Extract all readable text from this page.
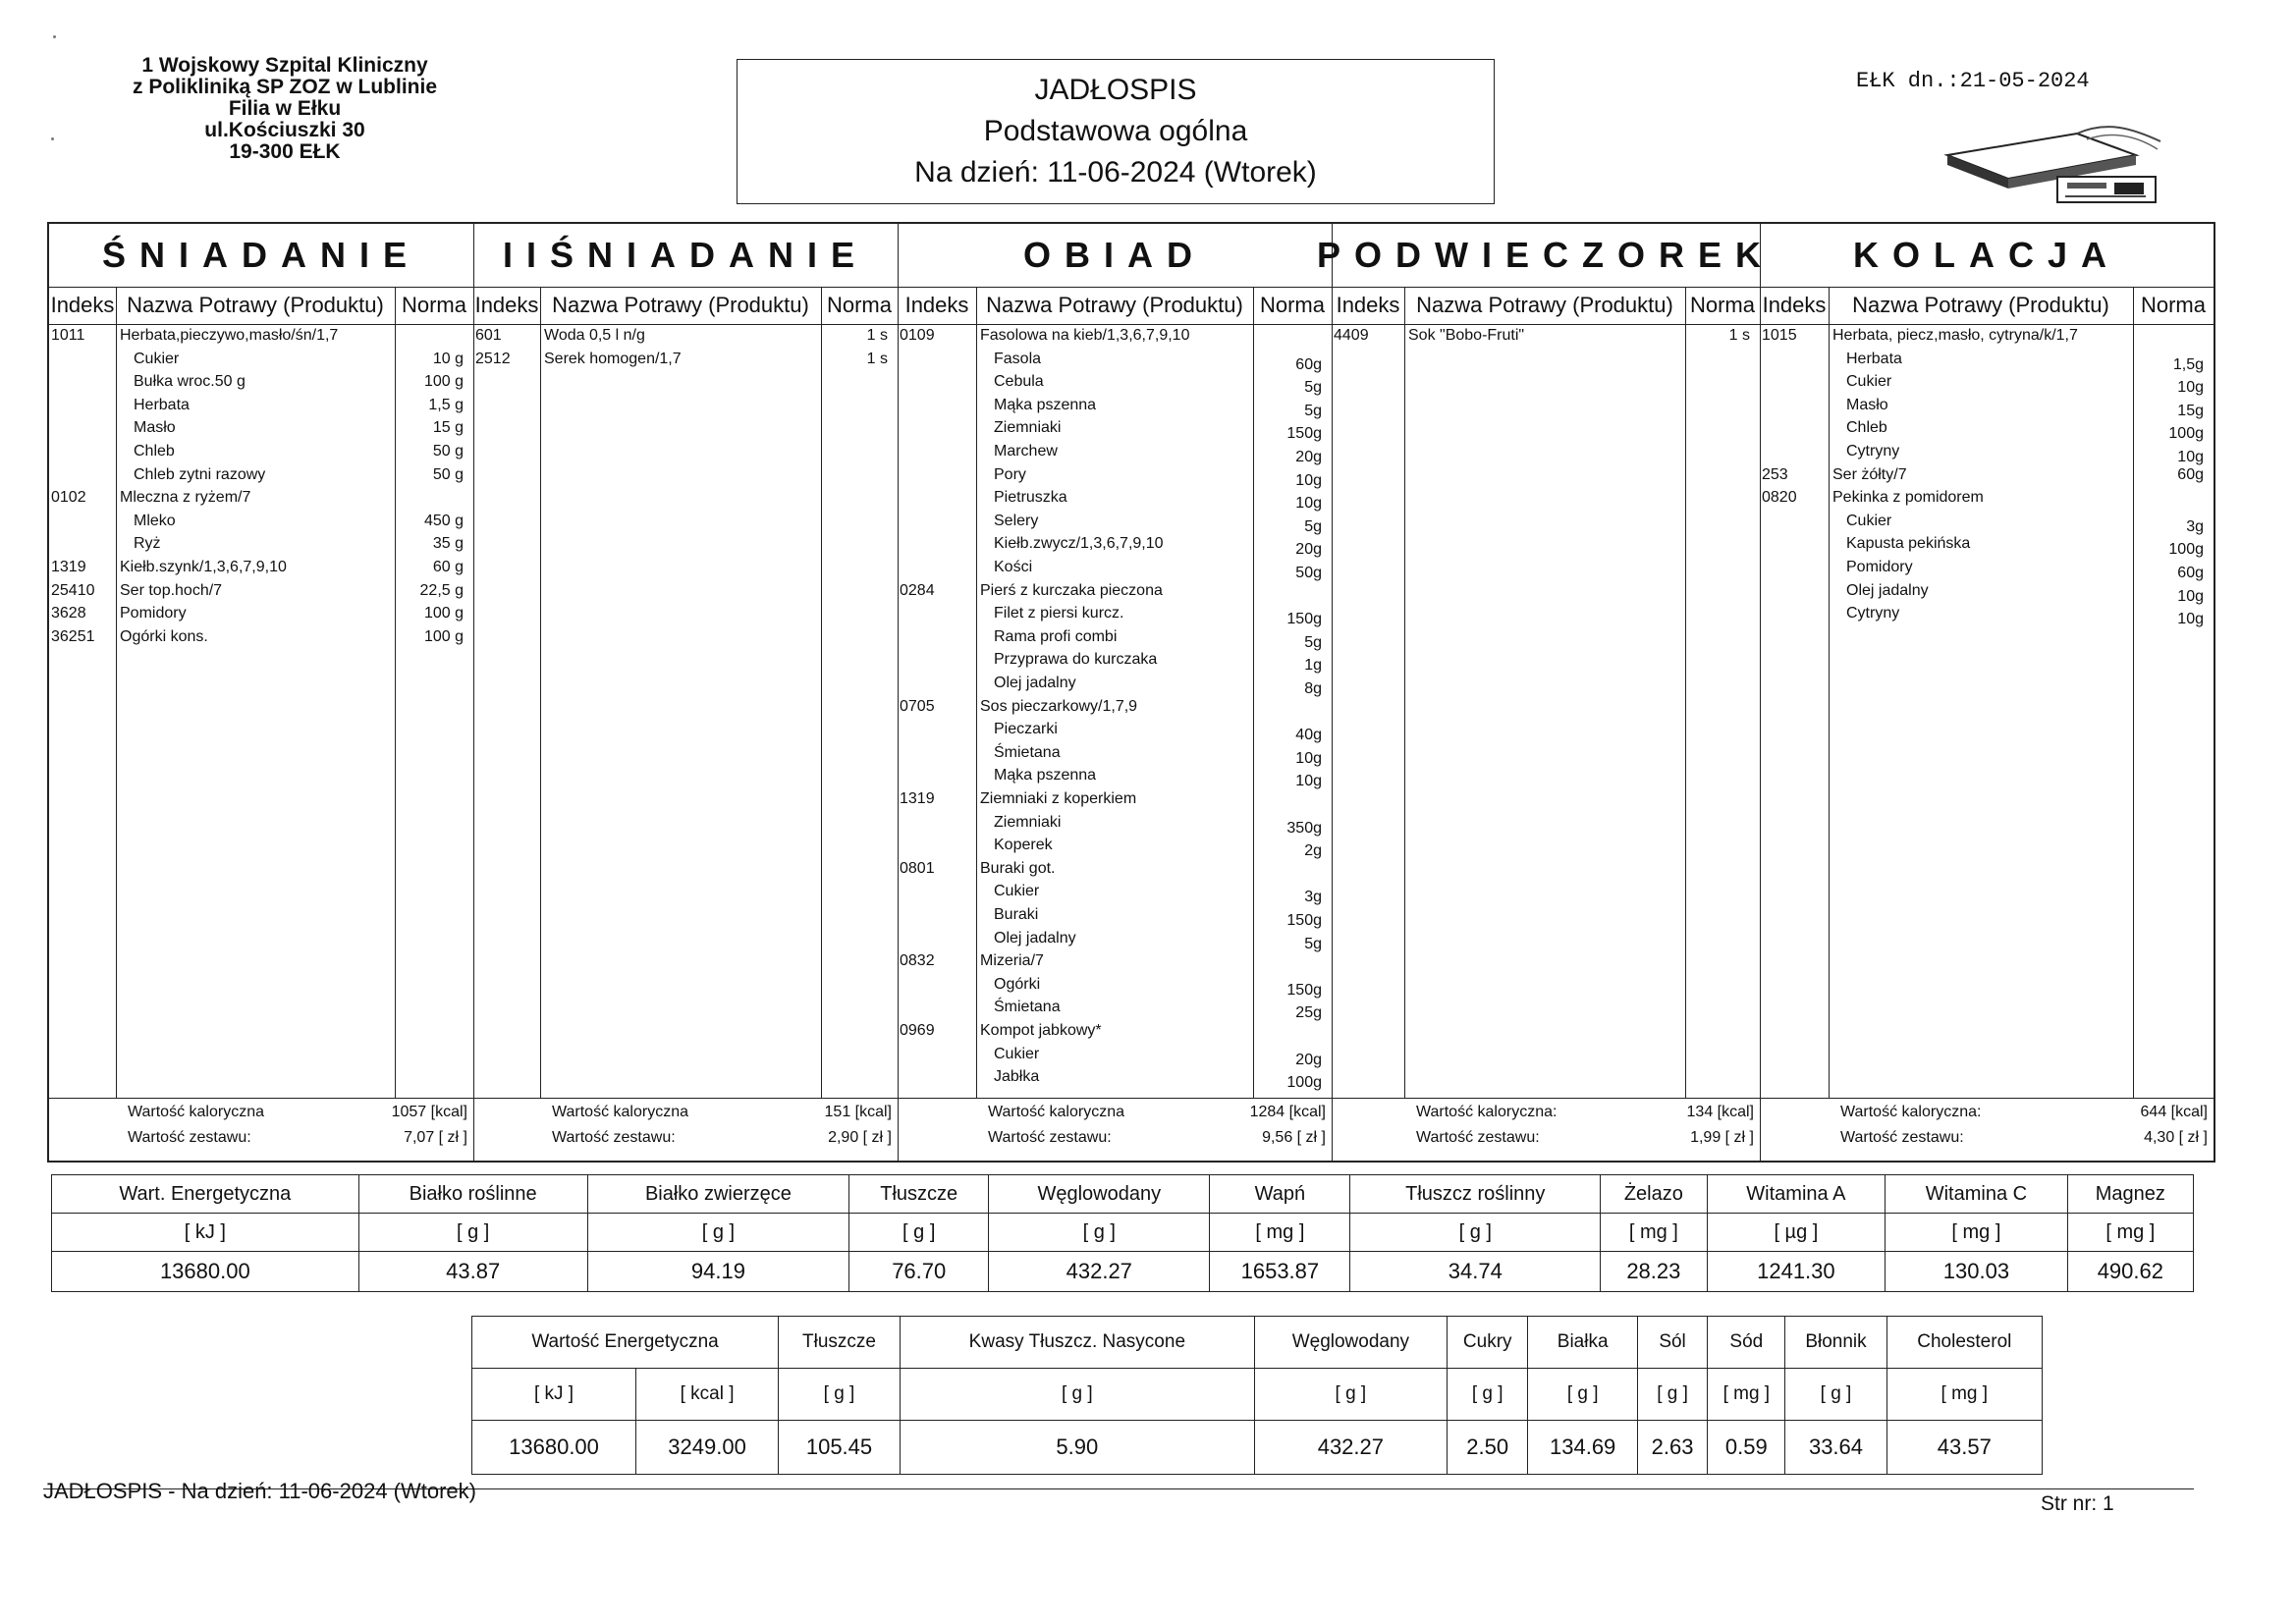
1 Wojskowy Szpital Kliniczny
z Polikliniką SP ZOZ w Lublinie
Filia w Ełku
ul.Kościuszki 30
19-300 EŁK
JADŁOSPIS
Podstawowa ogólna
Na dzień: 11-06-2024 (Wtorek)
EŁK dn.:21-05-2024
ŚNIADANIE
Indeks Nazwa Potrawy (Produktu) Norma
1011 Herbata,pieczywo,masło/śn/1,7
Cukier	10 g
Bułka wroc.50 g	100 g
Herbata	1,5 g
Masło	15 g
Chleb	50 g
Chleb zytni razowy	50 g
0102 Mleczna z ryżem/7
Mleko	450 g
Ryż	35 g
1319 Kiełb.szynk/1,3,6,7,9,10	60 g
25410 Ser top.hoch/7	22,5 g
3628 Pomidory	100 g
36251 Ogórki kons.	100 g
Wartość kaloryczna	1057 [kcal]
Wartość zestawu:	7,07 [ zł ]
IIŚNIADANIE
Indeks Nazwa Potrawy (Produktu) Norma
601	Woda 0,5 l n/g	1 s
2512 Serek homogen/1,7	1 s
Wartość kaloryczna	151 [kcal]
Wartość zestawu:	2,90 [ zł ]
OBIAD
Indeks Nazwa Potrawy (Produktu) Norma
0109	Fasolowa na kieb/1,3,6,7,9,10
Fasola	60g
Cebula	5g
Mąka pszenna	5g
Ziemniaki	150g
Marchew	20g
Pory	10g
Pietruszka	10g
Selery	5g
Kiełb.zwycz/1,3,6,7,9,10	20g
Kości	50g
0284	Pierś z kurczaka pieczona
Filet z piersi kurcz.	150g
Rama profi combi	5g
Przyprawa do kurczaka	1g
Olej jadalny	8g
0705	Sos pieczarkowy/1,7,9
Pieczarki	40g
Śmietana	10g
Mąka pszenna	10g
1319	Ziemniaki z koperkiem
Ziemniaki	350g
Koperek	2g
0801	Buraki got.
Cukier	3g
Buraki	150g
Olej jadalny	5g
0832	Mizeria/7
Ogórki	150g
Śmietana	25g
0969	Kompot jabkowy*
Cukier	20g
Jabłka	100g
Wartość kaloryczna	1284 [kcal]
Wartość zestawu:	9,56 [ zł ]
PODWIECZOREK
Indeks Nazwa Potrawy (Produktu) Norma
4409	Sok "Bobo-Fruti"	1 s
Wartość kaloryczna:	134 [kcal]
Wartość zestawu:	1,99 [ zł ]
KOLACJA
Indeks	Nazwa Potrawy (Produktu)	Norma
1015 Herbata, piecz,masło, cytryna/k/1,7
Herbata	1,5g
Cukier	10g
Masło	15g
Chleb	100g
Cytryny	10g
253	Ser żółty/7	60g
0820 Pekinka z pomidorem
Cukier	3g
Kapusta pekińska	100g
Pomidory	60g
Olej jadalny	10g
Cytryny	10g
Wartość kaloryczna:	644 [kcal]
Wartość zestawu:	4,30 [ zł ]
Wart. Energetyczna	Białko roślinne	Białko zwierzęce	Tłuszcze	Węglowodany	Wapń	Tłuszcz roślinny	Żelazo	Witamina A	Witamina C	Magnez
[ kJ ]	[ g ]	[ g ]	[ g ]	[ g ]	[ mg ]	[ g ]	[ mg ]	[ µg ]	[ mg ]	[ mg ]
13680.00	43.87	94.19	76.70	432.27	1653.87	34.74	28.23	1241.30	130.03	490.62
Wartość Energetyczna		Tłuszcze	Kwasy Tłuszcz. Nasycone	Węglowodany	Cukry	Białka	Sól	Sód	Błonnik	Cholesterol
[ kJ ]	[ kcal ]	[ g ]	[ g ]	[ g ]	[ g ]	[ g ]	[ g ]	[ mg ]	[ g ]	[ mg ]
13680.00	3249.00	105.45	5.90	432.27	2.50	134.69	2.63	0.59	33.64	43.57
JADŁOSPIS - Na dzień: 11-06-2024 (Wtorek)
Str nr: 1
